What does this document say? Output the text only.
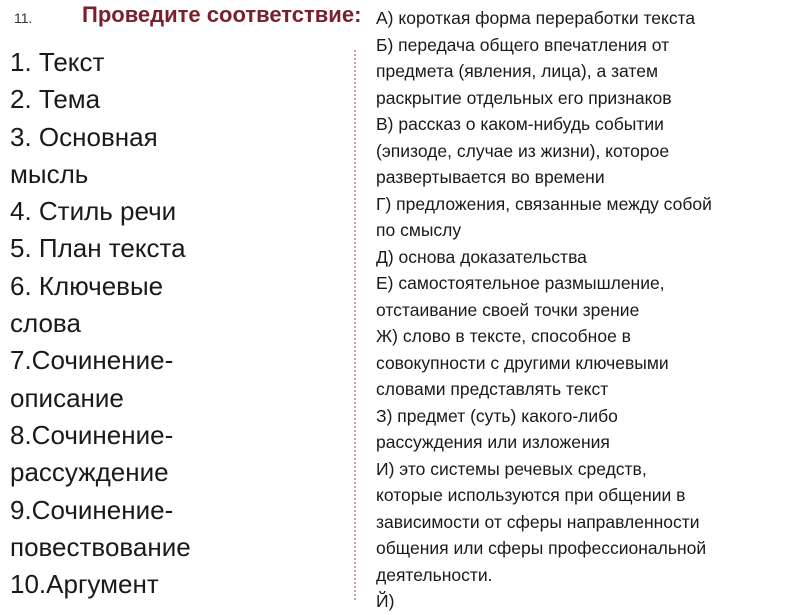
11. Проведите соответствие:
1. Текст
2. Тема
3. Основная
мысль
4. Стиль речи
5. План текста
6. Ключевые
слова
7.Сочинение-
описание
8.Сочинение-
рассуждение
9.Сочинение-
повествование
10.Аргумент
А) короткая форма переработки текста
Б) передача общего впечатления от
предмета (явления, лица), а затем
раскрытие отдельных его признаков
В) рассказ о каком-нибудь событии
(эпизоде, случае из жизни), которое
развертывается во времени
Г) предложения, связанные между собой
по смыслу
Д) основа доказательства
Е) самостоятельное размышление,
отстаивание своей точки зрение
Ж) слово в тексте, способное в
совокупности с другими ключевыми
словами представлять текст
З) предмет (суть) какого-либо
рассуждения или изложения
И) это системы речевых средств,
которые используются при общении в
зависимости от сферы направленности
общения или сферы профессиональной
деятельности.
Й)
